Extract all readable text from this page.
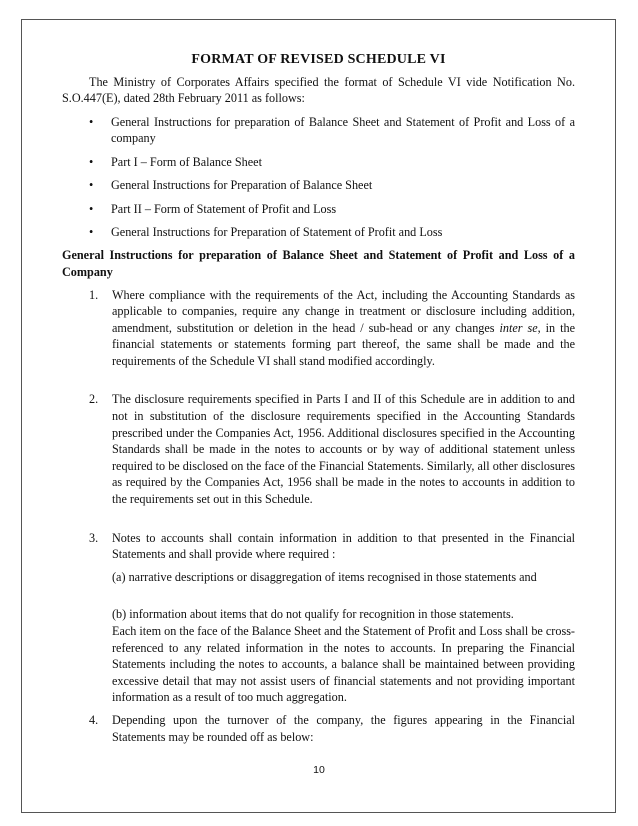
FORMAT OF REVISED SCHEDULE VI

The Ministry of Corporates Affairs specified the format of Schedule VI vide Notification No. S.O.447(E), dated 28th February 2011 as follows:

• General Instructions for preparation of Balance Sheet and Statement of Profit and Loss of a company
• Part I – Form of Balance Sheet
• General Instructions for Preparation of Balance Sheet
• Part II – Form of Statement of Profit and Loss
• General Instructions for Preparation of Statement of Profit and Loss
General Instructions for preparation of Balance Sheet and Statement of Profit and Loss of a Company
1. Where compliance with the requirements of the Act, including the Accounting Standards as applicable to companies, require any change in treatment or disclosure including addition, amendment, substitution or deletion in the head / sub-head or any changes inter se, in the financial statements or statements forming part thereof, the same shall be made and the requirements of the Schedule VI shall stand modified accordingly.
2. The disclosure requirements specified in Parts I and II of this Schedule are in addition to and not in substitution of the disclosure requirements specified in the Accounting Standards prescribed under the Companies Act, 1956. Additional disclosures specified in the Accounting Standards shall be made in the notes to accounts or by way of additional statement unless required to be disclosed on the face of the Financial Statements. Similarly, all other disclosures as required by the Companies Act, 1956 shall be made in the notes to accounts in addition to the requirements set out in this Schedule.
3. Notes to accounts shall contain information in addition to that presented in the Financial Statements and shall provide where required :
(a) narrative descriptions or disaggregation of items recognised in those statements and
(b) information about items that do not qualify for recognition in those statements.
Each item on the face of the Balance Sheet and the Statement of Profit and Loss shall be cross-referenced to any related information in the notes to accounts. In preparing the Financial Statements including the notes to accounts, a balance shall be maintained between providing excessive detail that may not assist users of financial statements and not providing important information as a result of too much aggregation.
4. Depending upon the turnover of the company, the figures appearing in the Financial Statements may be rounded off as below:
10
